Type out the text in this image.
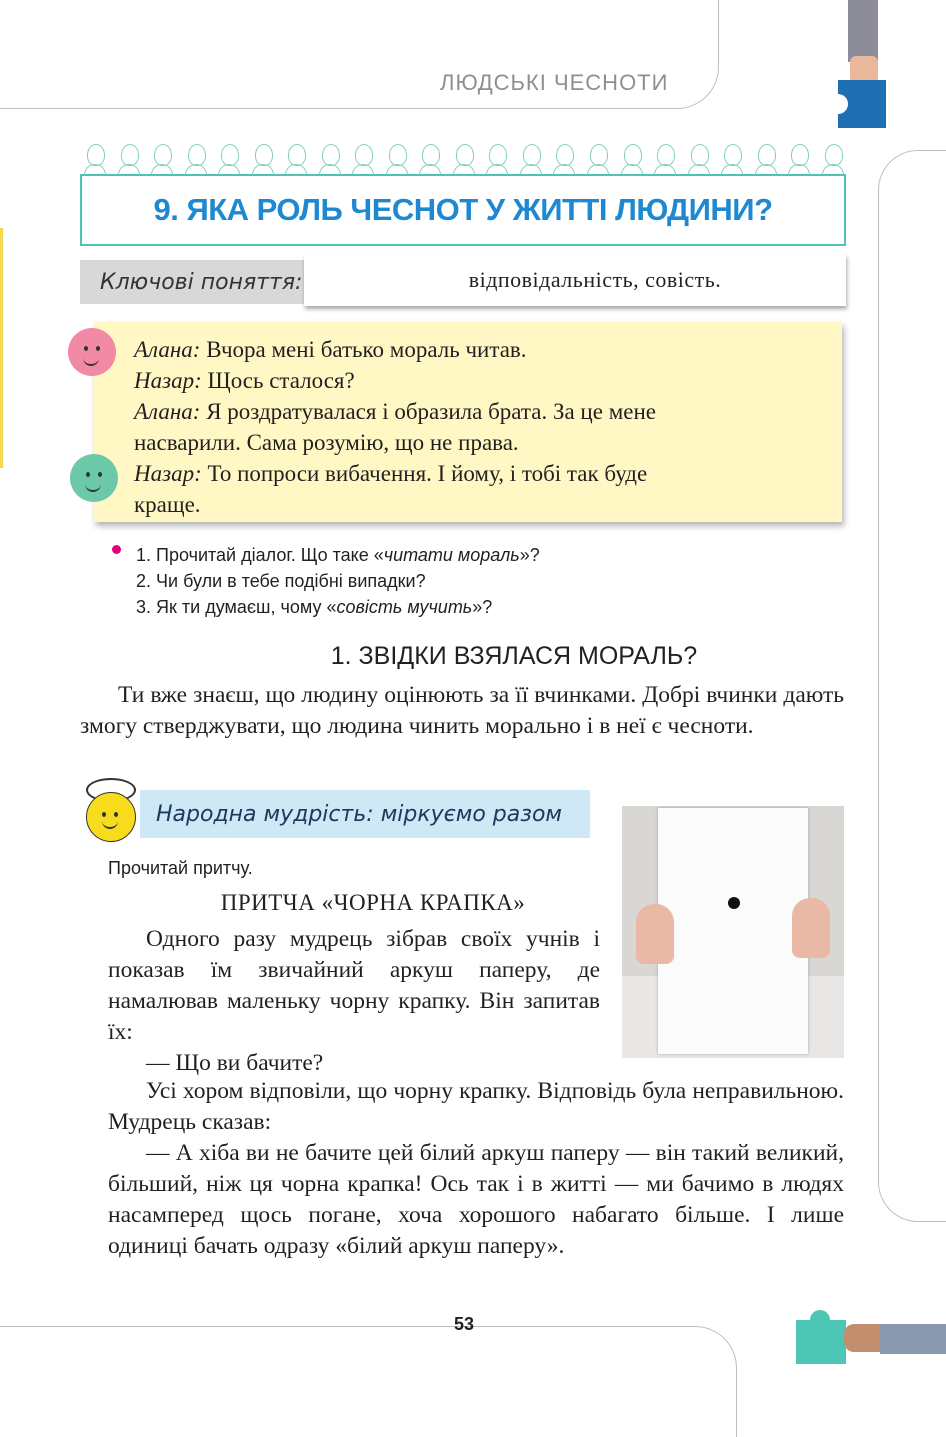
ЛЮДСЬКІ ЧЕСНОТИ
9. ЯКА РОЛЬ ЧЕСНОТ У ЖИТТІ ЛЮДИНИ?
Ключові поняття:	відповідальність, совість.

Алана: Вчора мені батько мораль читав.

Назар: Щось сталося?

Алана: Я роздратувалася і образила брата. За це мене

насварили. Сама розумію, що не права.

Назар: То попроси вибачення. І йому, і тобі так буде

краще.

1. Прочитай діалог. Що таке «читати мораль»?

2. Чи були в тебе подібні випадки?

3. Як ти думаєш, чому «совість мучить»?

1. ЗВІДКИ ВЗЯЛАСЯ МОРАЛЬ?

Ти вже знаєш, що людину оцінюють за її вчинками. Добрі вчинки дають змогу стверджувати, що людина чинить морально і в неї є чесноти.

Народна мудрість: міркуємо разом
Прочитай притчу.
ПРИТЧА «ЧОРНА КРАПКА»

Одного разу мудрець зібрав своїх учнів і показав їм звичайний аркуш паперу, де намалював маленьку чорну крапку. Він запитав їх:

— Що ви бачите?

Усі хором відповіли, що чорну крапку. Відповідь була неправильною. Мудрець сказав:

— А хіба ви не бачите цей білий аркуш паперу — він такий великий, більший, ніж ця чорна крапка! Ось так і в житті — ми бачимо в людях насамперед щось погане, хоча хорошого набагато більше. І лише одиниці бачать одразу «білий аркуш паперу».

53
